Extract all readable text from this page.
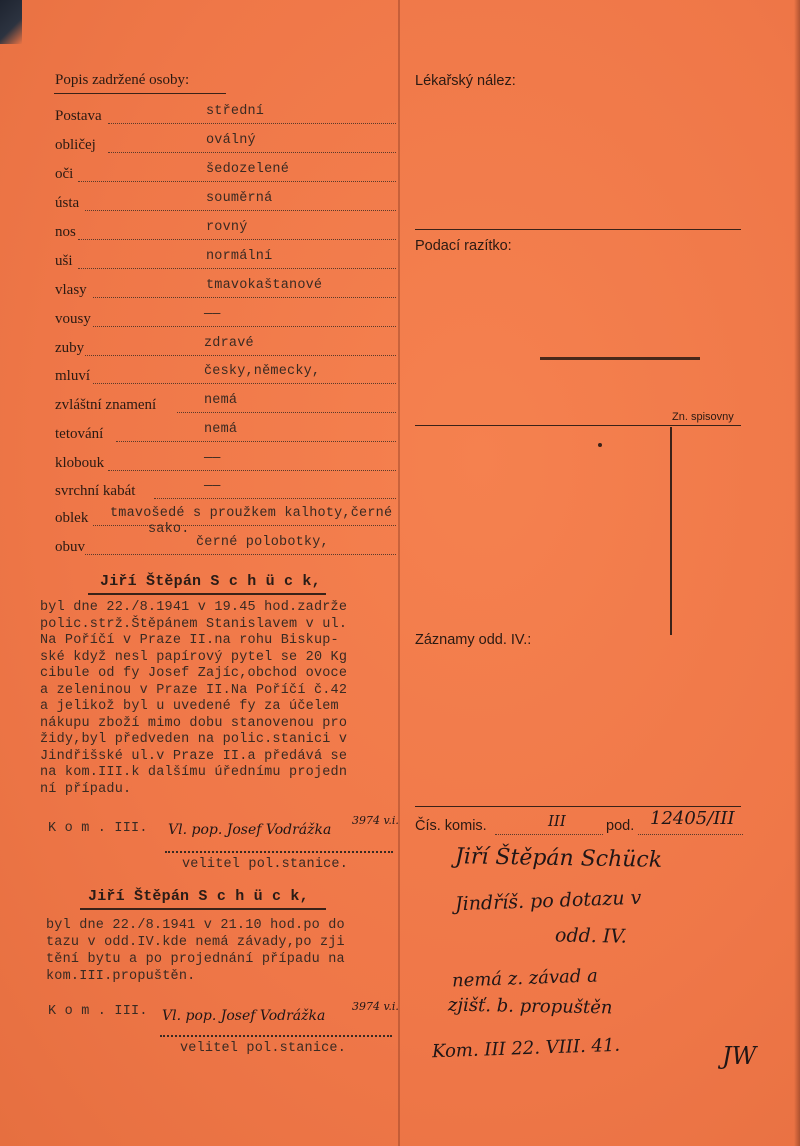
Popis zadržené osoby:
Postava	střední
obličej	oválný
oči	šedozelené
ústa	souměrná
nos	rovný
uši	normální
vlasy	tmavokaštanové
vousy	——
zuby	zdravé
mluví	česky,německy,
zvláštní znamení	nemá
tetování	nemá
klobouk	——
svrchní kabát	——
oblek tmavošedé s proužkem kalhoty,černé
sako.
obuv	černé polobotky,
Jiří Štěpán S c h ü c k,
byl dne 22./8.1941 v 19.45 hod.zadrže
polic.strž.Štěpánem Stanislavem v ul.
Na Poříčí v Praze II.na rohu Biskup-
ské když nesl papírový pytel se 20 Kg
cibule od fy Josef Zajíc,obchod ovoce
a zeleninou v Praze II.Na Poříčí č.42
a jelikož byl u uvedené fy za účelem
nákupu zboží mimo dobu stanovenou pro
židy,byl předveden na polic.stanici v
Jindřišské ul.v Praze II.a předává se
na kom.III.k dalšímu úřednímu projedn
ní případu.
K o m . III. Vl. pop. Josef Vodrážka
3974 v.i.
velitel pol.stanice.
Jiří Štěpán S c h ü c k,
byl dne 22./8.1941 v 21.10 hod.po do
tazu v odd.IV.kde nemá závady,po zji
tění bytu a po projednání případu na
kom.III.propuštěn.
K o m . III. Vl. pop. Josef Vodrážka
3974 v.i.
velitel pol.stanice.
Lékařský nález:
Podací razítko:
Zn. spisovny
Záznamy odd. IV.:
Čís. komis.	III	pod. 12405/III
Jiří Štěpán Schück
Jindříš. po dotazu v
odd. IV.
nemá z. závad a
zjišť. b. propuštěn
Kom. III 22. VIII. 41.	JW
